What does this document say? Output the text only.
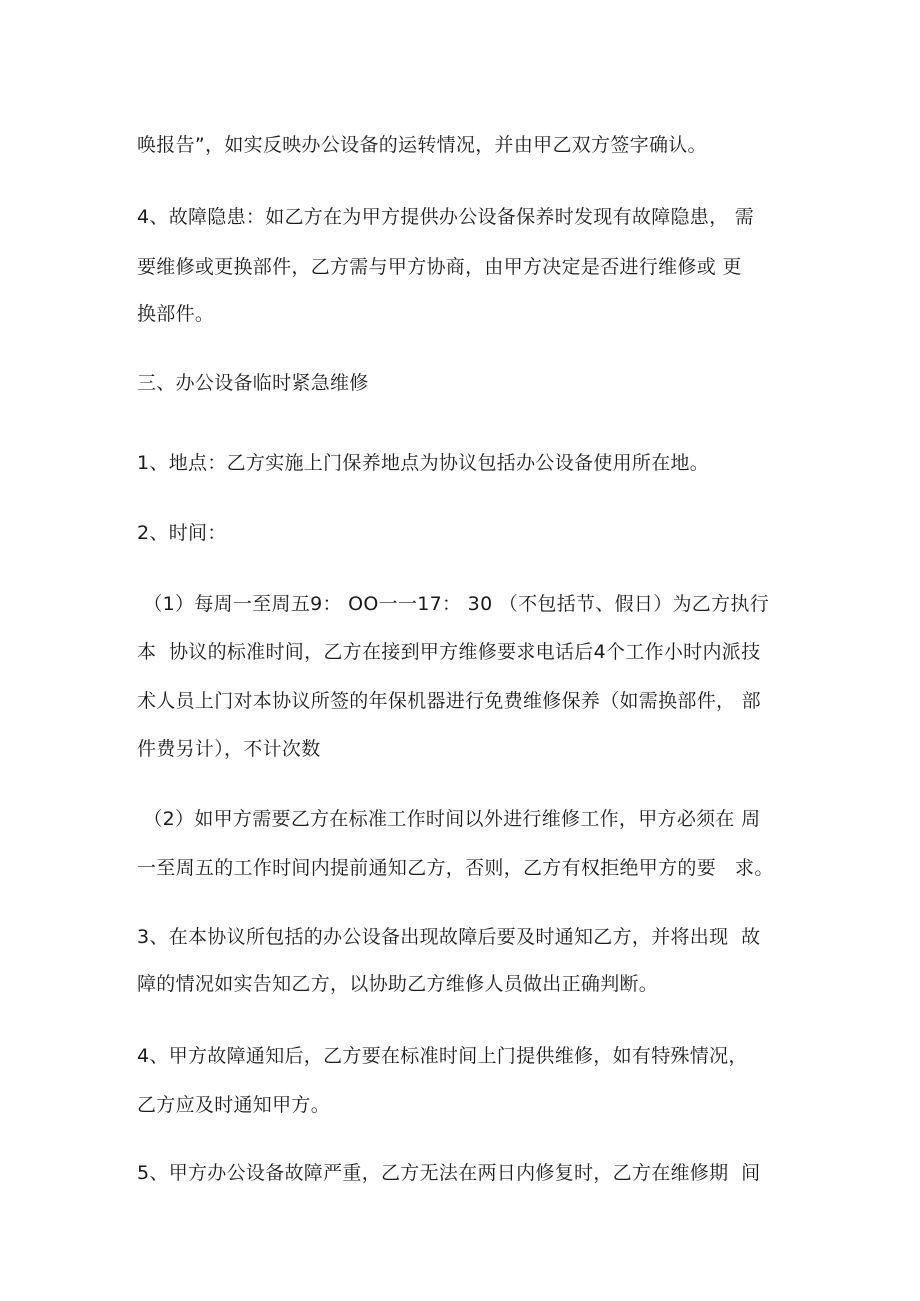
唤报告”，如实反映办公设备的运转情况，并由甲乙双方签字确认。
4、故障隐患：如乙方在为甲方提供办公设备保养时发现有故障隐患， 需
要维修或更换部件，乙方需与甲方协商，由甲方决定是否进行维修或 更
换部件。
三、办公设备临时紧急维修
1、地点：乙方实施上门保养地点为协议包括办公设备使用所在地。
2、时间：
（1）每周一至周五9： OO一一17： 30 （不包括节、假日）为乙方执行
本  协议的标准时间，乙方在接到甲方维修要求电话后4个工作小时内派技
术人员上门对本协议所签的年保机器进行免费维修保养（如需换部件， 部
件费另计），不计次数
（2）如甲方需要乙方在标准工作时间以外进行维修工作，甲方必须在 周
一至周五的工作时间内提前通知乙方，否则，乙方有权拒绝甲方的要   求。
3、在本协议所包括的办公设备出现故障后要及时通知乙方，并将出现  故
障的情况如实告知乙方，以协助乙方维修人员做出正确判断。
4、甲方故障通知后，乙方要在标准时间上门提供维修，如有特殊情况，
乙方应及时通知甲方。
5、甲方办公设备故障严重，乙方无法在两日内修复时，乙方在维修期  间
